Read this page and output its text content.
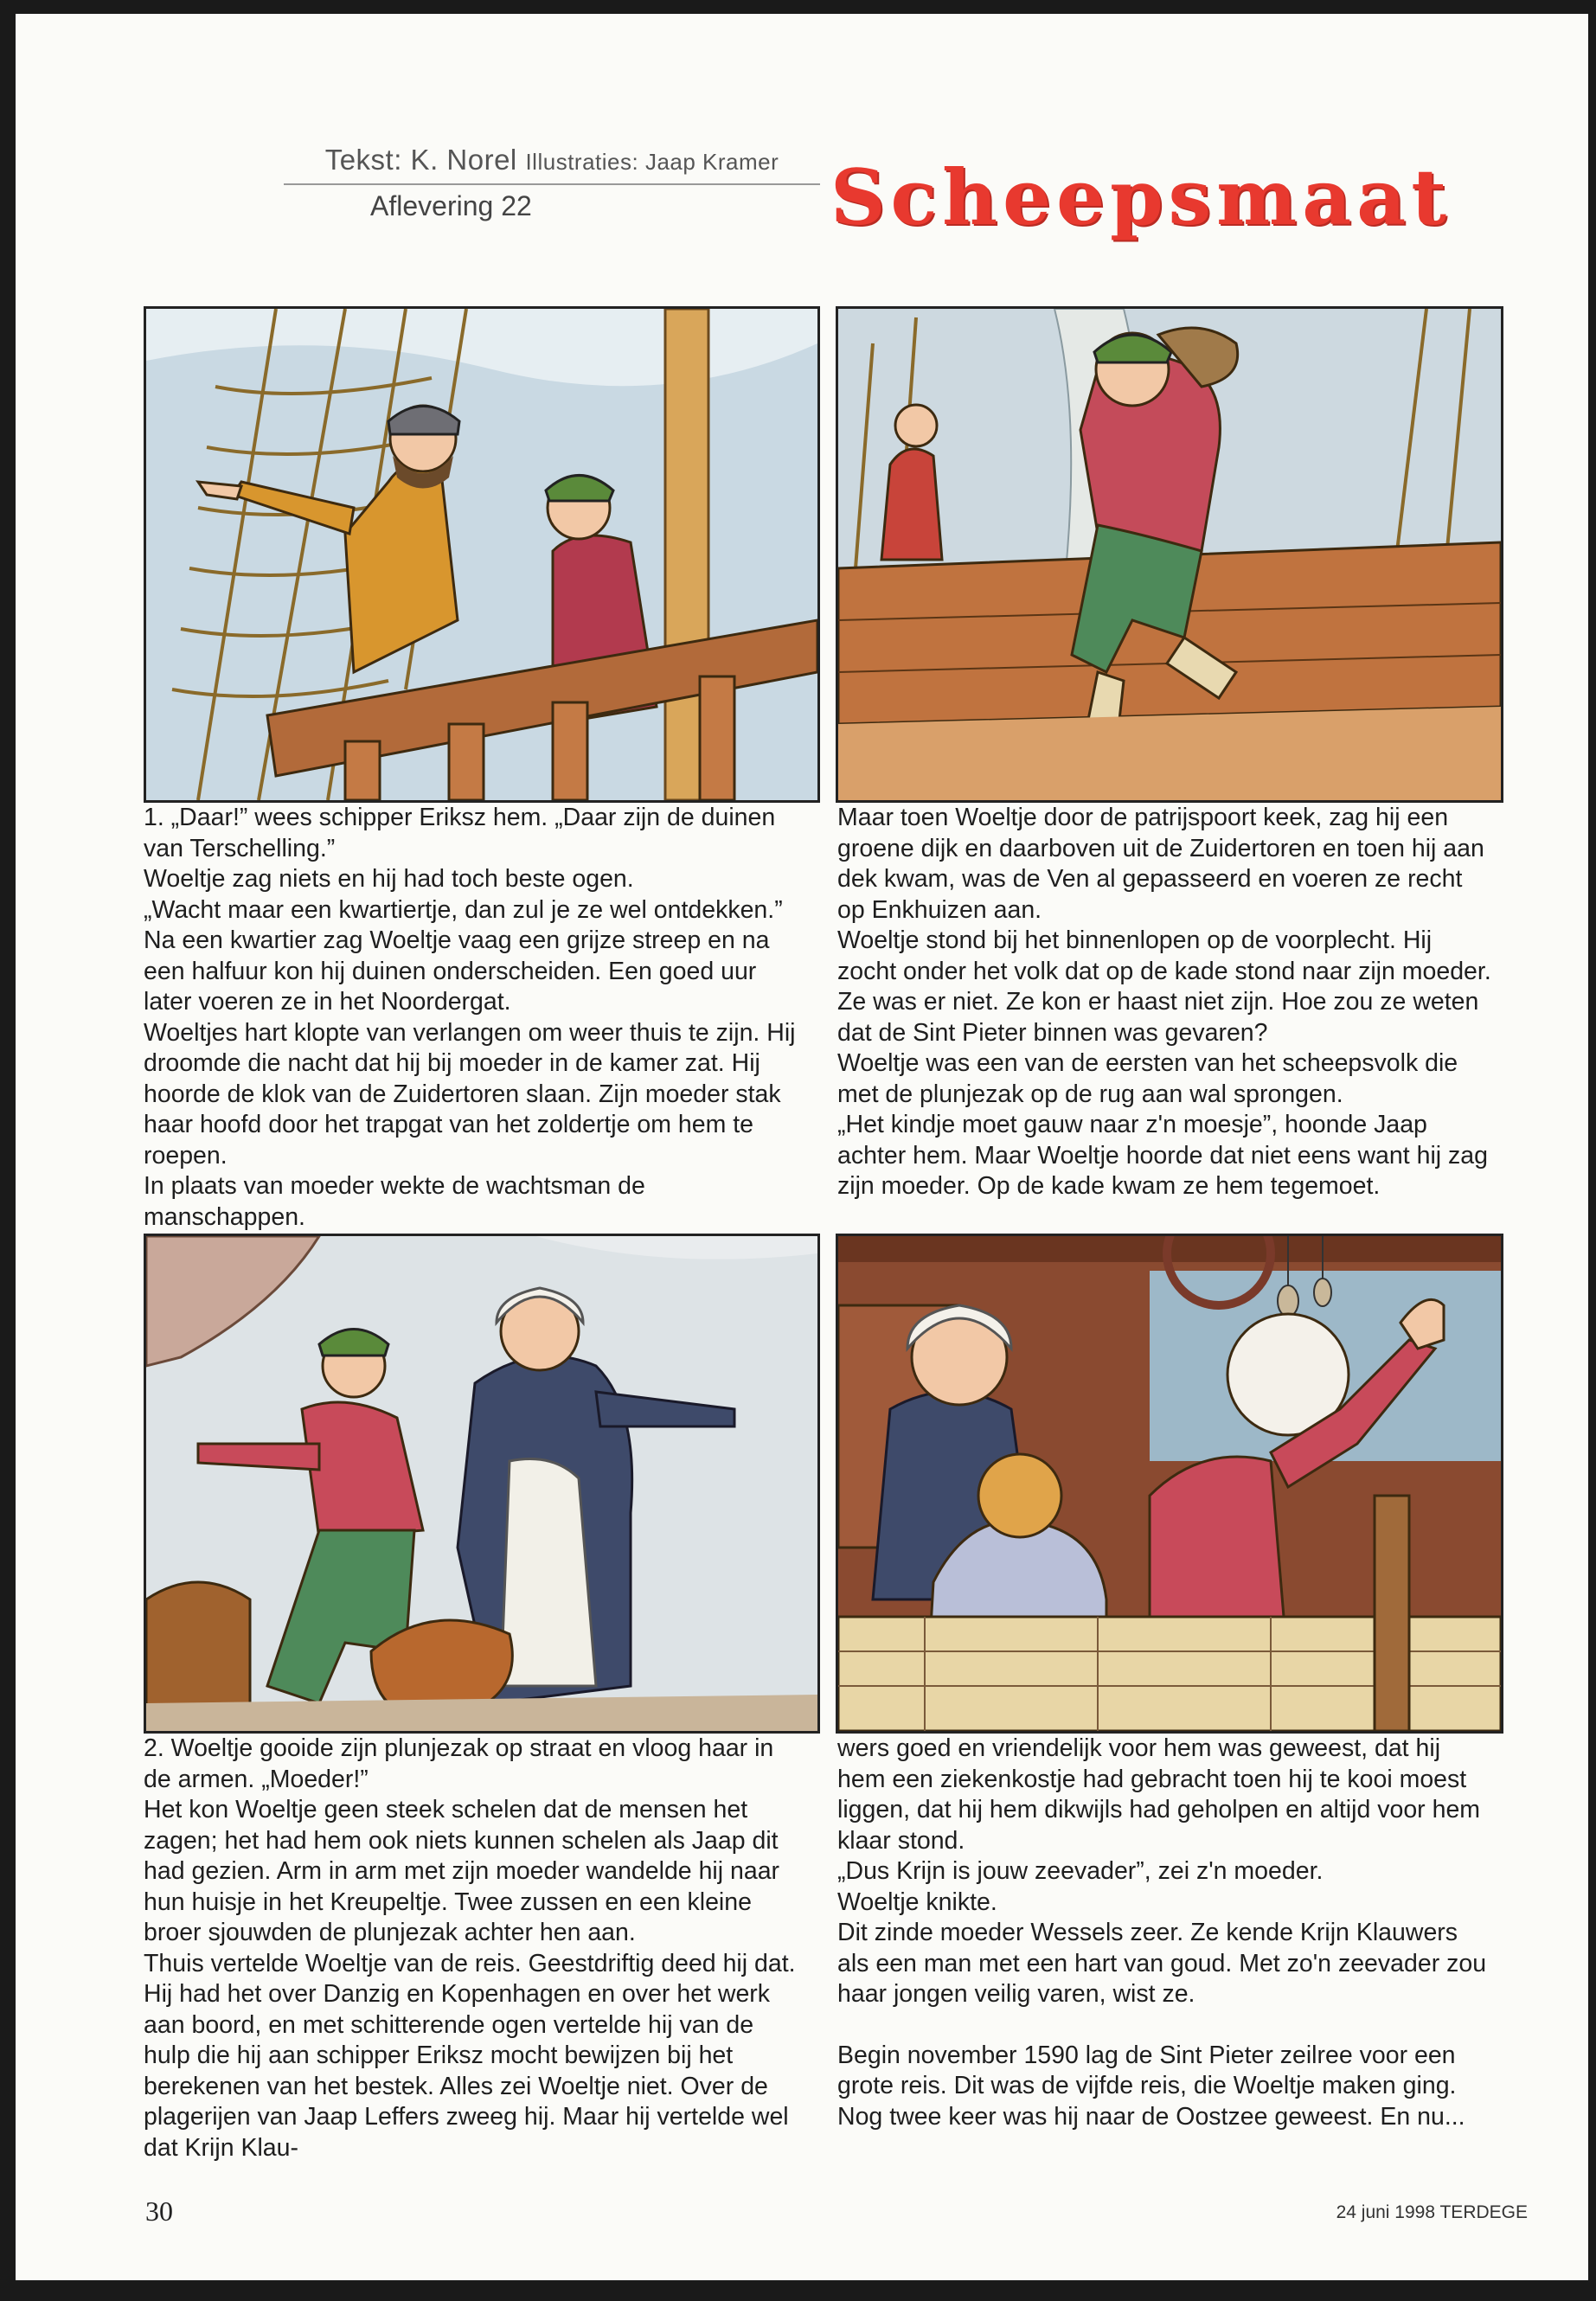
Tekst: K. Norel Illustraties: Jaap Kramer
Aflevering 22	Scheepsmaat

1. „Daar!” wees schipper Eriksz hem. „Daar zijn de duinen van Terschelling.”

Woeltje zag niets en hij had toch beste ogen.

„Wacht maar een kwartiertje, dan zul je ze wel ontdekken.” Na een kwartier zag Woeltje vaag een grijze streep en na een halfuur kon hij duinen onderscheiden. Een goed uur later voeren ze in het Noordergat.

Woeltjes hart klopte van verlangen om weer thuis te zijn. Hij droomde die nacht dat hij bij moeder in de kamer zat. Hij hoorde de klok van de Zuidertoren slaan. Zijn moeder stak haar hoofd door het trapgat van het zoldertje om hem te roepen.

In plaats van moeder wekte de wachtsman de manschappen.

Maar toen Woeltje door de patrijspoort keek, zag hij een groene dijk en daarboven uit de Zuidertoren en toen hij aan dek kwam, was de Ven al gepasseerd en voeren ze recht op Enkhuizen aan.

Woeltje stond bij het binnenlopen op de voorplecht. Hij zocht onder het volk dat op de kade stond naar zijn moeder. Ze was er niet. Ze kon er haast niet zijn. Hoe zou ze weten dat de Sint Pieter binnen was gevaren?

Woeltje was een van de eersten van het scheepsvolk die met de plunjezak op de rug aan wal sprongen.

„Het kindje moet gauw naar z'n moesje”, hoonde Jaap achter hem. Maar Woeltje hoorde dat niet eens want hij zag zijn moeder. Op de kade kwam ze hem tegemoet.

2. Woeltje gooide zijn plunjezak op straat en vloog haar in de armen. „Moeder!”

Het kon Woeltje geen steek schelen dat de mensen het zagen; het had hem ook niets kunnen schelen als Jaap dit had gezien. Arm in arm met zijn moeder wandelde hij naar hun huisje in het Kreupeltje. Twee zussen en een kleine broer sjouwden de plunjezak achter hen aan.

Thuis vertelde Woeltje van de reis. Geestdriftig deed hij dat. Hij had het over Danzig en Kopenhagen en over het werk aan boord, en met schitterende ogen vertelde hij van de hulp die hij aan schipper Eriksz mocht bewijzen bij het berekenen van het bestek. Alles zei Woeltje niet. Over de plagerijen van Jaap Leffers zweeg hij. Maar hij vertelde wel dat Krijn Klau-

wers goed en vriendelijk voor hem was geweest, dat hij hem een ziekenkostje had gebracht toen hij te kooi moest liggen, dat hij hem dikwijls had geholpen en altijd voor hem klaar stond.

„Dus Krijn is jouw zeevader”, zei z'n moeder.

Woeltje knikte.

Dit zinde moeder Wessels zeer. Ze kende Krijn Klauwers als een man met een hart van goud. Met zo'n zeevader zou haar jongen veilig varen, wist ze.

Begin november 1590 lag de Sint Pieter zeilree voor een grote reis. Dit was de vijfde reis, die Woeltje maken ging. Nog twee keer was hij naar de Oostzee geweest. En nu...

30	24 juni 1998 TERDEGE
